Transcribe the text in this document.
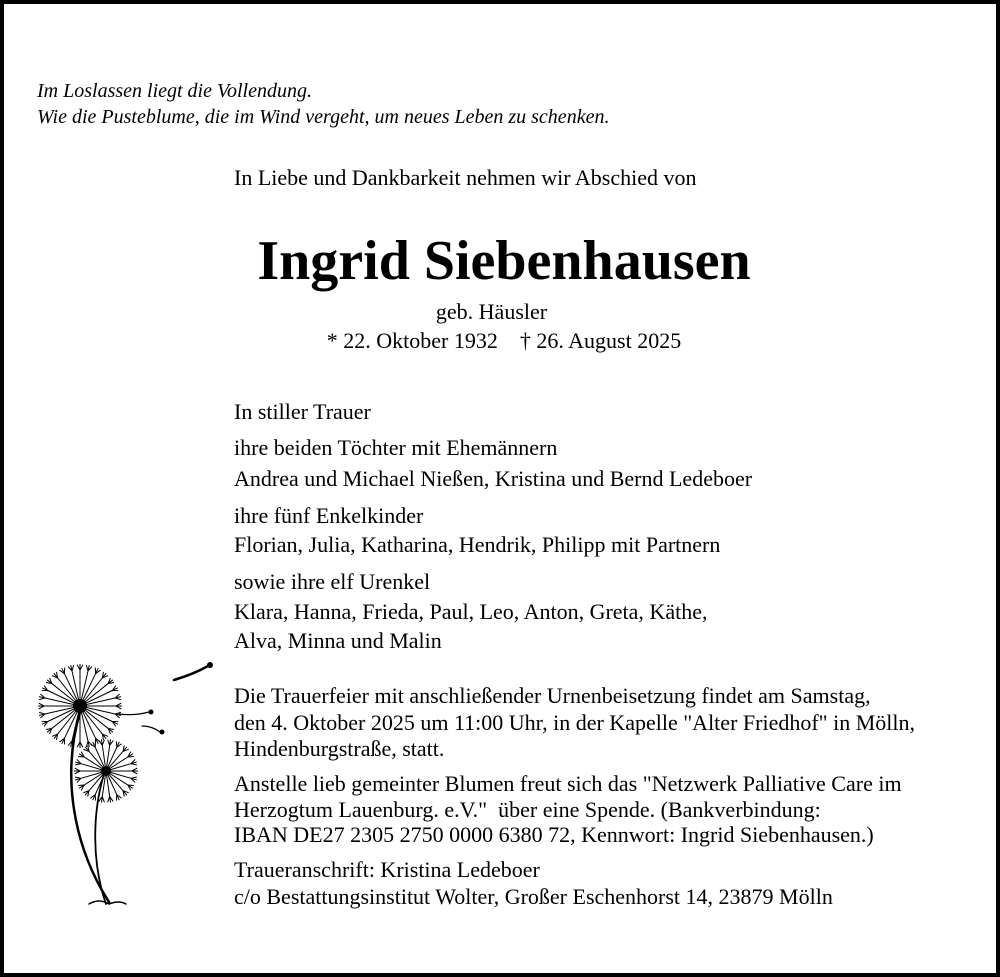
Im Loslassen liegt die Vollendung.
Wie die Pusteblume, die im Wind vergeht, um neues Leben zu schenken.
In Liebe und Dankbarkeit nehmen wir Abschied von
Ingrid Siebenhausen
geb. Häusler
* 22. Oktober 1932    † 26. August 2025
In stiller Trauer
ihre beiden Töchter mit Ehemännern
Andrea und Michael Nießen, Kristina und Bernd Ledeboer
ihre fünf Enkelkinder
Florian, Julia, Katharina, Hendrik, Philipp mit Partnern
sowie ihre elf Urenkel
Klara, Hanna, Frieda, Paul, Leo, Anton, Greta, Käthe,
Alva, Minna und Malin
Die Trauerfeier mit anschließender Urnenbeisetzung findet am Samstag,
den 4. Oktober 2025 um 11:00 Uhr, in der Kapelle "Alter Friedhof" in Mölln,
Hindenburgstraße, statt.
Anstelle lieb gemeinter Blumen freut sich das "Netzwerk Palliative Care im
Herzogtum Lauenburg. e.V."  über eine Spende. (Bankverbindung:
IBAN DE27 2305 2750 0000 6380 72, Kennwort: Ingrid Siebenhausen.)
Traueranschrift: Kristina Ledeboer
c/o Bestattungsinstitut Wolter, Großer Eschenhorst 14, 23879 Mölln
